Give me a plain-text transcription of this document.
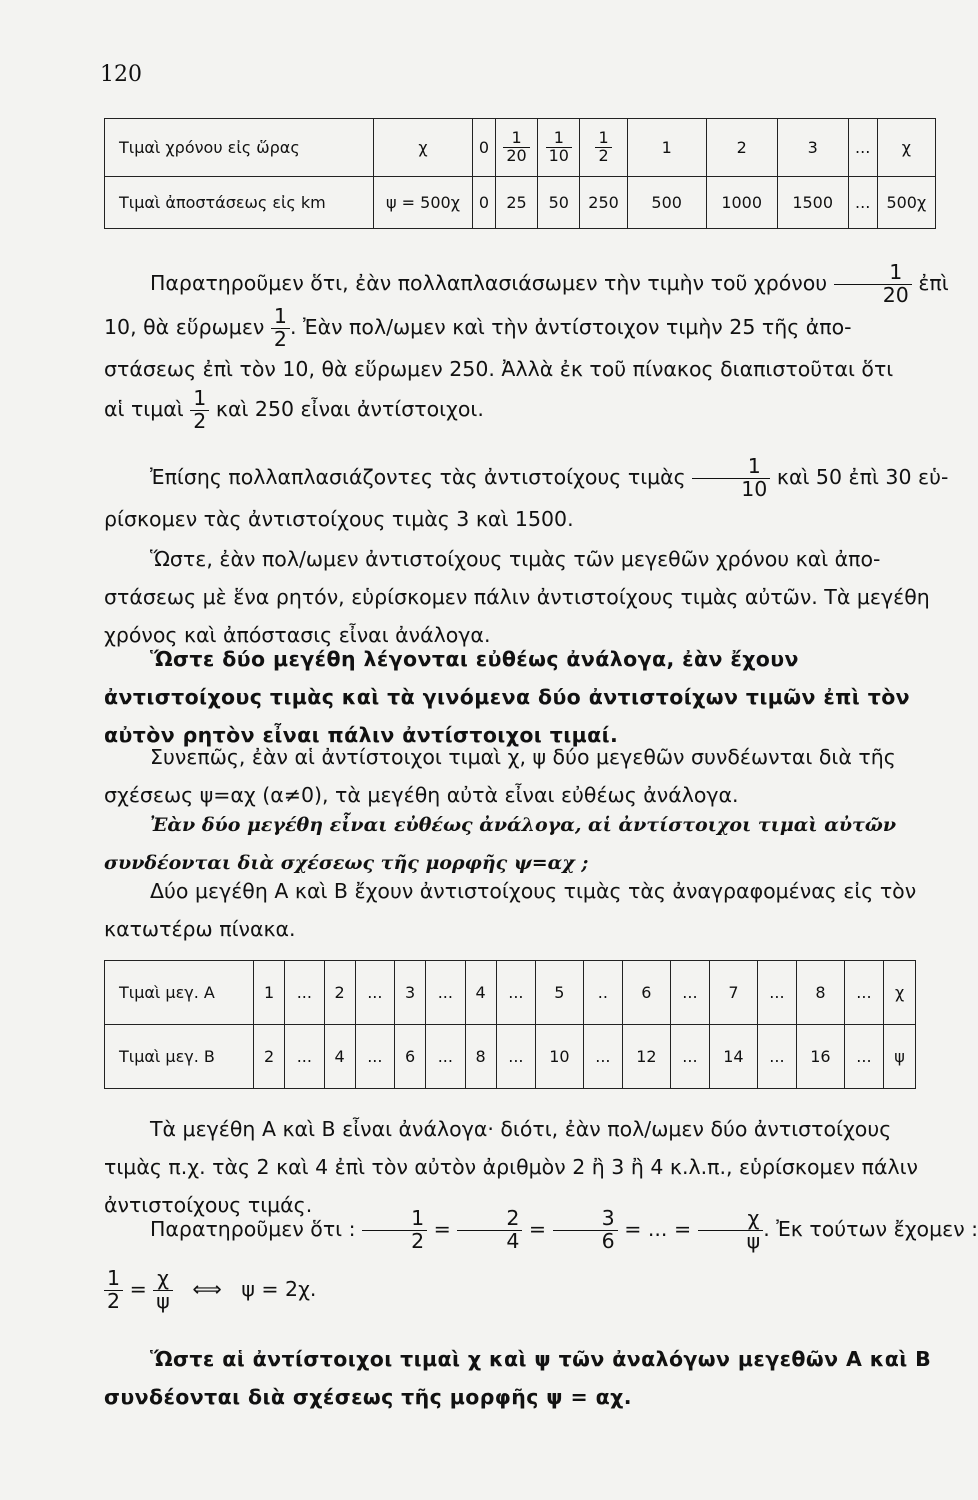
120
Τιμαὶ χρόνου εἰς ὥρας	χ	0	$\frac{1}{20}$	$\frac{1}{10}$	$\frac{1}{2}$	1	2	3	...	χ
Τιμαὶ ἀποστάσεως εἰς km	ψ = 500χ	0	25	50	250	500	1000	1500	...	500χ

Παρατηροῦμεν ὅτι, ἐὰν πολλαπλασιάσωμεν τὴν τιμὴν τοῦ χρόνου $\frac{1}{20}$ ἐπὶ

10, θὰ εὕρωμεν $\frac{1}{2}$ . Ἐὰν πολ/ωμεν καὶ τὴν ἀντίστοιχον τιμὴν 25 τῆς ἀπο-

στάσεως ἐπὶ τὸν 10, θὰ εὕρωμεν 250. Ἀλλὰ ἐκ τοῦ πίνακος διαπιστοῦται ὅτι

αἱ τιμαὶ $\frac{1}{2}$ καὶ 250 εἶναι ἀντίστοιχοι.

Ἐπίσης πολλαπλασιάζοντες τὰς ἀντιστοίχους τιμὰς $\frac{1}{10}$ καὶ 50 ἐπὶ 30 εὑ-

ρίσκομεν τὰς ἀντιστοίχους τιμὰς 3 καὶ 1500.

Ὥστε, ἐὰν πολ/ωμεν ἀντιστοίχους τιμὰς τῶν μεγεθῶν χρόνου καὶ ἀπο-στάσεως μὲ ἕνα ρητόν, εὑρίσκομεν πάλιν ἀντιστοίχους τιμὰς αὐτῶν. Τὰ μεγέθη χρόνος καὶ ἀπόστασις εἶναι ἀνάλογα.

Ὥστε δύο μεγέθη λέγονται εὐθέως ἀνάλογα, ἐὰν ἔχουν ἀντιστοίχους τιμὰς καὶ τὰ γινόμενα δύο ἀντιστοίχων τιμῶν ἐπὶ τὸν αὐτὸν ρητὸν εἶναι πάλιν ἀντίστοιχοι τιμαί.

Συνεπῶς, ἐὰν αἱ ἀντίστοιχοι τιμαὶ χ, ψ δύο μεγεθῶν συνδέωνται διὰ τῆς σχέσεως ψ=αχ (α≠0), τὰ μεγέθη αὐτὰ εἶναι εὐθέως ἀνάλογα.

Ἐὰν δύο μεγέθη εἶναι εὐθέως ἀνάλογα, αἱ ἀντίστοιχοι τιμαὶ αὐτῶν συνδέονται διὰ σχέσεως τῆς μορφῆς ψ=αχ ;

Δύο μεγέθη Α καὶ Β ἔχουν ἀντιστοίχους τιμὰς τὰς ἀναγραφομένας εἰς τὸν κατωτέρω πίνακα.

Τιμαὶ μεγ. Α	1	...	2	...	3	...	4	...	5	..	6	...	7	...	8	...	χ
Τιμαὶ μεγ. Β	2	...	4	...	6	...	8	...	10	...	12	...	14	...	16	...	ψ

Τὰ μεγέθη Α καὶ Β εἶναι ἀνάλογα· διότι, ἐὰν πολ/ωμεν δύο ἀντιστοίχους τιμὰς π.χ. τὰς 2 καὶ 4 ἐπὶ τὸν αὐτὸν ἀριθμὸν 2 ἢ 3 ἢ 4 κ.λ.π., εὑρίσκομεν πάλιν ἀντιστοίχους τιμάς.

Παρατηροῦμεν ὅτι : $\frac{1}{2} = \frac{2}{4} = \frac{3}{6}$ = ... = $\frac{\chi}{\psi}$ . Ἐκ τούτων ἔχομεν :

$\frac{1}{2} = \frac{\chi}{\psi}$ ⟺ ψ = 2χ.

Ὥστε αἱ ἀντίστοιχοι τιμαὶ χ καὶ ψ τῶν ἀναλόγων μεγεθῶν Α καὶ Β συνδέονται διὰ σχέσεως τῆς μορφῆς ψ = αχ.
